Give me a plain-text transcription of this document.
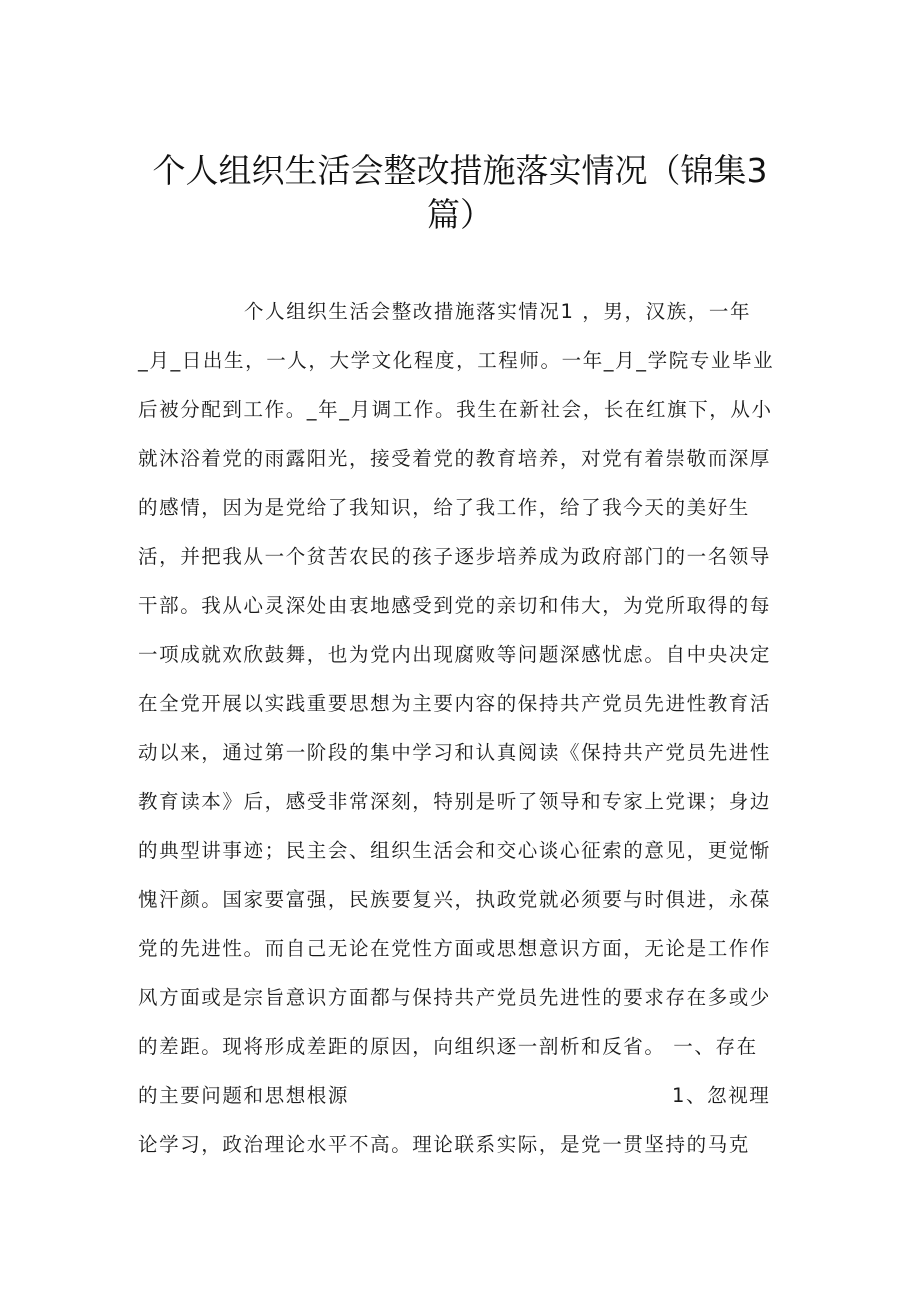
个人组织生活会整改措施落实情况（锦集3
篇）
个人组织生活会整改措施落实情况1 ，男，汉族，一年
_月_日出生，一人，大学文化程度，工程师。一年_月_学院专业毕业
后被分配到工作。_年_月调工作。我生在新社会，长在红旗下，从小
就沐浴着党的雨露阳光，接受着党的教育培养，对党有着崇敬而深厚
的感情，因为是党给了我知识，给了我工作，给了我今天的美好生
活，并把我从一个贫苦农民的孩子逐步培养成为政府部门的一名领导
干部。我从心灵深处由衷地感受到党的亲切和伟大，为党所取得的每
一项成就欢欣鼓舞，也为党内出现腐败等问题深感忧虑。自中央决定
在全党开展以实践重要思想为主要内容的保持共产党员先进性教育活
动以来，通过第一阶段的集中学习和认真阅读《保持共产党员先进性
教育读本》后，感受非常深刻，特别是听了领导和专家上党课；身边
的典型讲事迹；民主会、组织生活会和交心谈心征索的意见，更觉惭
愧汗颜。国家要富强，民族要复兴，执政党就必须要与时俱进，永葆
党的先进性。而自己无论在党性方面或思想意识方面，无论是工作作
风方面或是宗旨意识方面都与保持共产党员先进性的要求存在多或少
的差距。现将形成差距的原因，向组织逐一剖析和反省。 一、存在
的主要问题和思想根源	1、忽视理
论学习，政治理论水平不高。理论联系实际，是党一贯坚持的马克
